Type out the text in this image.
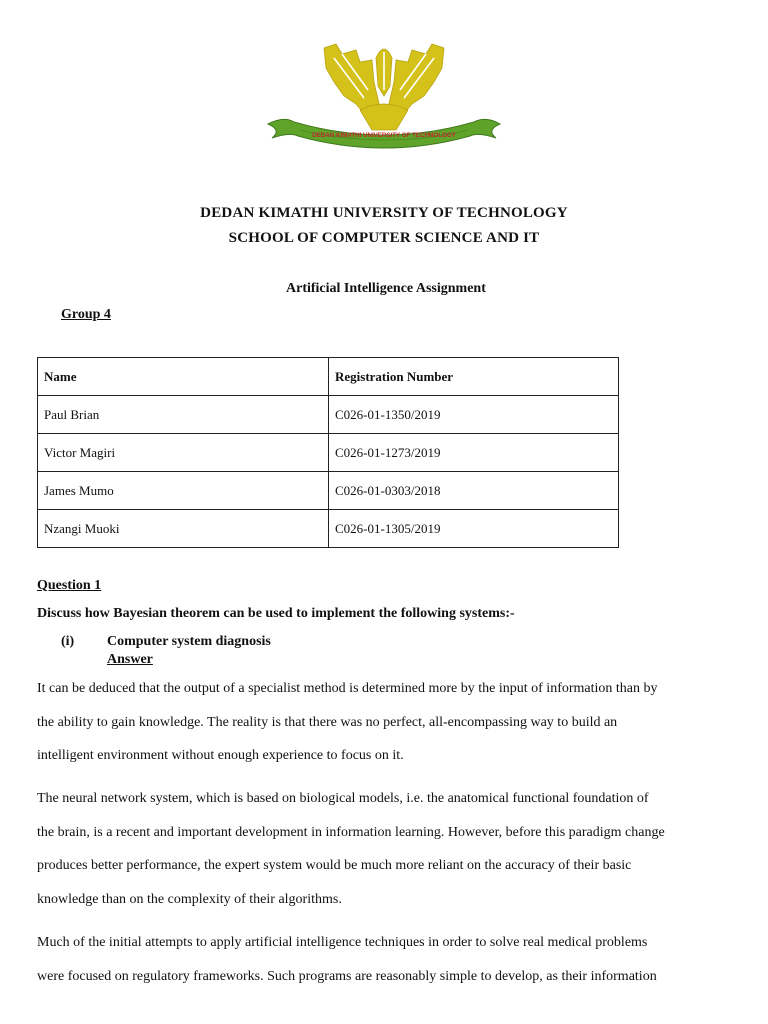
DEDAN KIMATHI UNIVERSITY OF TECHNOLOGY
DEDAN KIMATHI UNIVERSITY OF TECHNOLOGY
SCHOOL OF COMPUTER SCIENCE AND IT
Artificial Intelligence Assignment
Group 4
Name	Registration Number
Paul Brian	C026-01-1350/2019
Victor Magiri	C026-01-1273/2019
James Mumo	C026-01-0303/2018
Nzangi Muoki	C026-01-1305/2019
Question 1
Discuss how Bayesian theorem can be used to implement the following systems:-
(i) Computer system diagnosis
Answer

It can be deduced that the output of a specialist method is determined more by the input of information than by
the ability to gain knowledge. The reality is that there was no perfect, all-encompassing way to build an
intelligent environment without enough experience to focus on it.

The neural network system, which is based on biological models, i.e. the anatomical functional foundation of
the brain, is a recent and important development in information learning. However, before this paradigm change
produces better performance, the expert system would be much more reliant on the accuracy of their basic
knowledge than on the complexity of their algorithms.

Much of the initial attempts to apply artificial intelligence techniques in order to solve real medical problems
were focused on regulatory frameworks. Such programs are reasonably simple to develop, as their information
